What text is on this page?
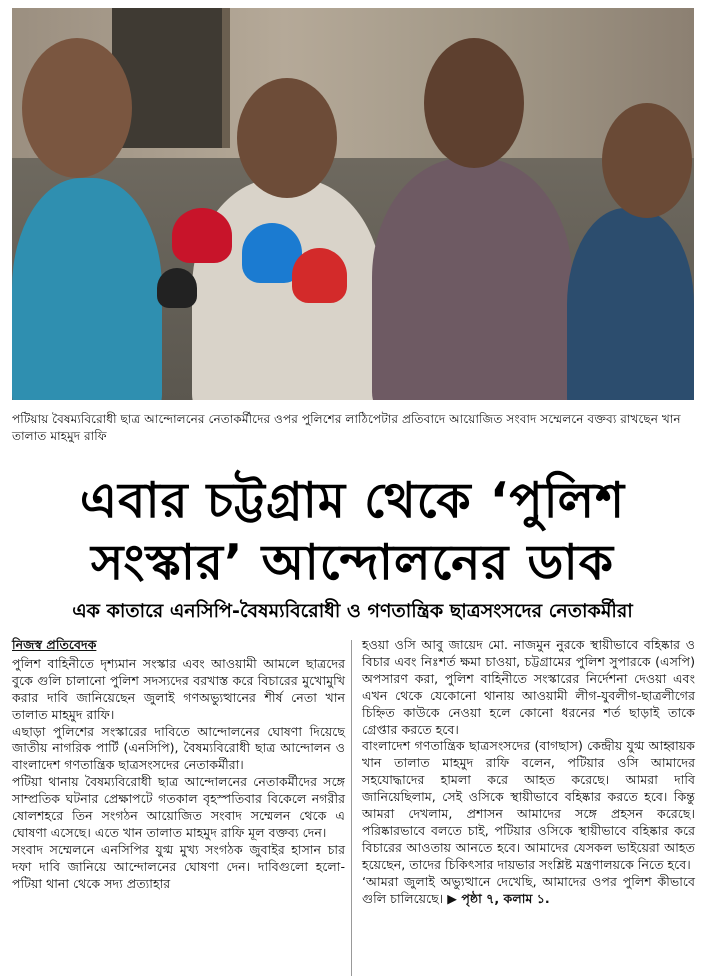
পটিয়ায় বৈষম্যবিরোধী ছাত্র আন্দোলনের নেতাকর্মীদের ওপর পুলিশের লাঠিপেটার প্রতিবাদে আয়োজিত সংবাদ সম্মেলনে বক্তব্য রাখছেন খান তালাত মাহমুদ রাফি
এবার চট্টগ্রাম থেকে ‘পুলিশ
সংস্কার’ আন্দোলনের ডাক
এক কাতারে এনসিপি-বৈষম্যবিরোধী ও গণতান্ত্রিক ছাত্রসংসদের নেতাকর্মীরা

নিজস্ব প্রতিবেদক

পুলিশ বাহিনীতে দৃশ্যমান সংস্কার এবং আওয়ামী আমলে ছাত্রদের বুকে গুলি চালানো পুলিশ সদস্যদের বরখাস্ত করে বিচারের মুখোমুখি করার দাবি জানিয়েছেন জুলাই গণঅভ্যুত্থানের শীর্ষ নেতা খান তালাত মাহমুদ রাফি।

এছাড়া পুলিশের সংস্কারের দাবিতে আন্দোলনের ঘোষণা দিয়েছে জাতীয় নাগরিক পার্টি (এনসিপি), বৈষম্যবিরোধী ছাত্র আন্দোলন ও বাংলাদেশ গণতান্ত্রিক ছাত্রসংসদের নেতাকর্মীরা।

পটিয়া থানায় বৈষম্যবিরোধী ছাত্র আন্দোলনের নেতাকর্মীদের সঙ্গে সাম্প্রতিক ঘটনার প্রেক্ষাপটে গতকাল বৃহস্পতিবার বিকেলে নগরীর ষোলশহরে তিন সংগঠন আয়োজিত সংবাদ সম্মেলন থেকে এ ঘোষণা এসেছে। এতে খান তালাত মাহমুদ রাফি মূল বক্তব্য দেন।

সংবাদ সম্মেলনে এনসিপির যুগ্ম মুখ্য সংগঠক জুবাইর হাসান চার দফা দাবি জানিয়ে আন্দোলনের ঘোষণা দেন। দাবিগুলো হলো- পটিয়া থানা থেকে সদ্য প্রত্যাহার

হওয়া ওসি আবু জায়েদ মো. নাজমুন নুরকে স্থায়ীভাবে বহিষ্কার ও বিচার এবং নিঃশর্ত ক্ষমা চাওয়া, চট্টগ্রামের পুলিশ সুপারকে (এসপি) অপসারণ করা, পুলিশ বাহিনীতে সংস্কারের নির্দেশনা দেওয়া এবং এখন থেকে যেকোনো থানায় আওয়ামী লীগ-যুবলীগ-ছাত্রলীগের চিহ্নিত কাউকে নেওয়া হলে কোনো ধরনের শর্ত ছাড়াই তাকে গ্রেপ্তার করতে হবে।

বাংলাদেশ গণতান্ত্রিক ছাত্রসংসদের (বাগছাস) কেন্দ্রীয় যুগ্ম আহ্বায়ক খান তালাত মাহমুদ রাফি বলেন, পটিয়ার ওসি আমাদের সহযোদ্ধাদের হামলা করে আহত করেছে। আমরা দাবি জানিয়েছিলাম, সেই ওসিকে স্থায়ীভাবে বহিষ্কার করতে হবে। কিন্তু আমরা দেখলাম, প্রশাসন আমাদের সঙ্গে প্রহসন করেছে। পরিষ্কারভাবে বলতে চাই, পটিয়ার ওসিকে স্থায়ীভাবে বহিষ্কার করে বিচারের আওতায় আনতে হবে। আমাদের যেসকল ভাইয়েরা আহত হয়েছেন, তাদের চিকিৎসার দায়ভার সংশ্লিষ্ট মন্ত্রণালয়কে নিতে হবে।

‘আমরা জুলাই অভ্যুত্থানে দেখেছি, আমাদের ওপর পুলিশ কীভাবে গুলি চালিয়েছে। ▶ পৃষ্ঠা ৭, কলাম ১.
